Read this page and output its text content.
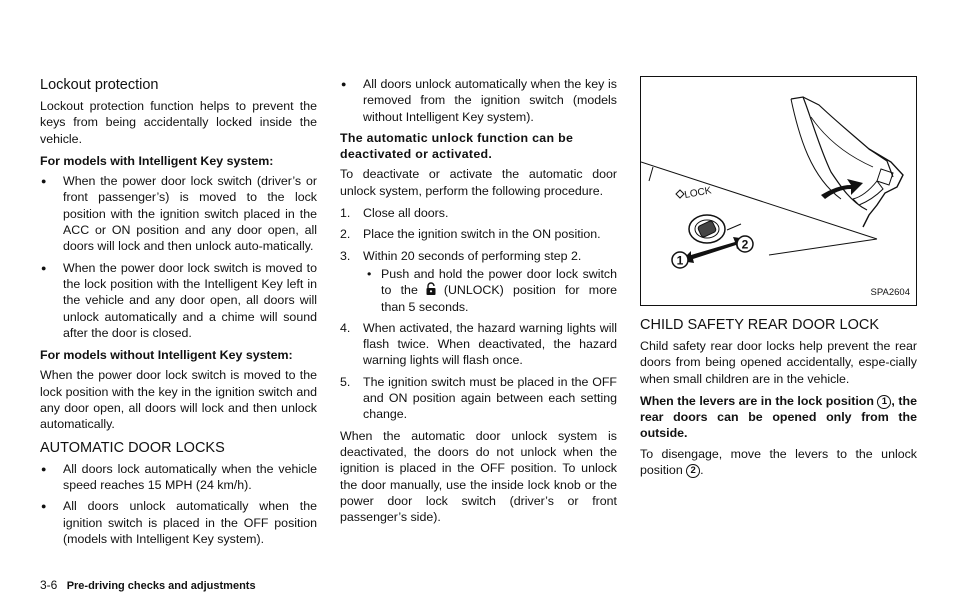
Lockout protection

Lockout protection function helps to prevent the keys from being accidentally locked inside the vehicle.

For models with Intelligent Key system:
● When the power door lock switch (driver’s or front passenger’s) is moved to the lock position with the ignition switch placed in the ACC or ON position and any door open, all doors will lock and then unlock auto-matically.
● When the power door lock switch is moved to the lock position with the Intelligent Key left in the vehicle and any door open, all doors will unlock automatically and a chime will sound after the door is closed.
For models without Intelligent Key system:

When the power door lock switch is moved to the lock position with the key in the ignition switch and any door open, all doors will lock and then unlock automatically.

AUTOMATIC DOOR LOCKS
● All doors lock automatically when the vehicle speed reaches 15 MPH (24 km/h).
● All doors unlock automatically when the ignition switch is placed in the OFF position (models with Intelligent Key system).
● All doors unlock automatically when the key is removed from the ignition switch (models without Intelligent Key system).
The automatic unlock function can be deactivated or activated.

To deactivate or activate the automatic door unlock system, perform the following procedure.

1. Close all doors.
2. Place the ignition switch in the ON position.
3. Within 20 seconds of performing step 2.
• Push and hold the power door lock switch to the (UNLOCK) position for more than 5 seconds.
4. When activated, the hazard warning lights will flash twice. When deactivated, the hazard warning lights will flash once.
5. The ignition switch must be placed in the OFF and ON position again between each setting change.

When the automatic door unlock system is deactivated, the doors do not unlock when the ignition is placed in the OFF position. To unlock the door manually, use the inside lock knob or the power door lock switch (driver’s or front passenger’s side).

LOCK
1
2
SPA2604
CHILD SAFETY REAR DOOR LOCK

Child safety rear door locks help prevent the rear doors from being opened accidentally, espe-cially when small children are in the vehicle.

When the levers are in the lock position 1 , the rear doors can be opened only from the outside.

To disengage, move the levers to the unlock position 2 .

3-6 Pre-driving checks and adjustments
